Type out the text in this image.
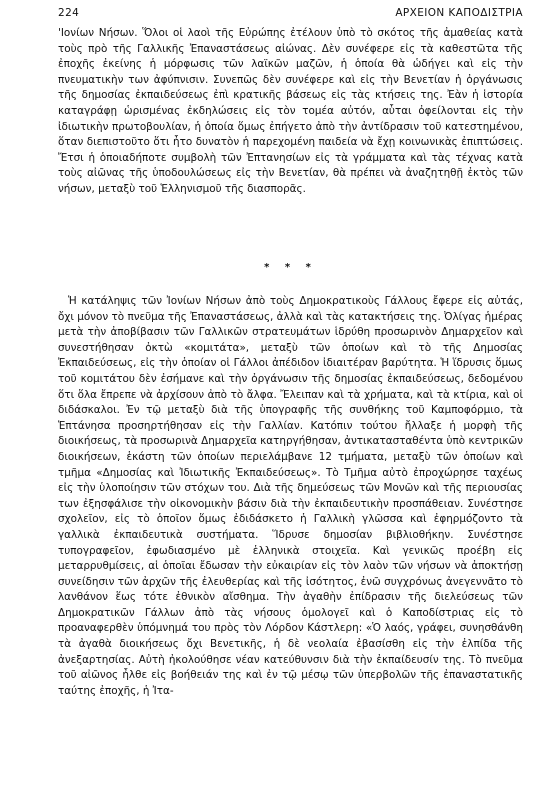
224	ΑΡΧΕΙΟΝ ΚΑΠΟΔΙΣΤΡΙΑ

'Ιονίων Νήσων. Ὅλοι οἱ λαοὶ τῆς Εὐρώπης ἐτέλουν ὑπὸ τὸ σκότος τῆς ἀμαθείας κατὰ τοὺς πρὸ τῆς Γαλλικῆς Ἐπαναστάσεως αἰώνας. Δὲν συνέφερε εἰς τὰ καθεστῶτα τῆς ἐποχῆς ἐκείνης ἡ μόρφωσις τῶν λαϊκῶν μαζῶν, ἡ ὁποία θὰ ὡδήγει καὶ εἰς τὴν πνευματικὴν των ἀφύπνισιν. Συνεπῶς δὲν συνέφερε καὶ εἰς τὴν Βενετίαν ἡ ὀργάνωσις τῆς δημοσίας ἐκπαιδεύσεως ἐπὶ κρατικῆς βάσεως εἰς τὰς κτήσεις της. Ἐὰν ἡ ἱστορία καταγράφῃ ὡρισμένας ἐκδηλώσεις εἰς τὸν τομέα αὐτόν, αὗται ὀφείλονται εἰς τὴν ἰδιωτικὴν πρωτοβουλίαν, ἡ ὁποία ὅμως ἐπήγετο ἀπὸ τὴν ἀντίδρασιν τοῦ κατεστημένου, ὅταν διεπιστοῦτο ὅτι ἦτο δυνατὸν ἡ παρεχομένη παιδεία νὰ ἔχῃ κοινωνικὰς ἐπιπτώσεις. Ἔτσι ἡ ὁποιαδήποτε συμβολὴ τῶν Ἐπτανησίων εἰς τὰ γράμματα καὶ τὰς τέχνας κατὰ τοὺς αἰῶνας τῆς ὑποδουλώσεως εἰς τὴν Βενετίαν, θὰ πρέπει νὰ ἀναζητηθῇ ἐκτὸς τῶν νήσων, μεταξὺ τοῦ Ἑλληνισμοῦ τῆς διασπορᾶς.

* * *

Ἡ κατάληψις τῶν Ἰονίων Νήσων ἀπὸ τοὺς Δημοκρατικοὺς Γάλλους ἔφερε εἰς αὐτάς, ὄχι μόνον τὸ πνεῦμα τῆς Ἐπαναστάσεως, ἀλλὰ καὶ τὰς κατακτήσεις της. Ὀλίγας ἡμέρας μετὰ τὴν ἀποβίβασιν τῶν Γαλλικῶν στρατευμάτων ἱδρύθη προσωρινὸν Δημαρχεῖον καὶ συνεστήθησαν ὀκτὼ «κομιτάτα», μεταξὺ τῶν ὁποίων καὶ τὸ τῆς Δημοσίας Ἐκπαιδεύσεως, εἰς τὴν ὁποίαν οἱ Γάλλοι ἀπέδιδον ἰδιαιτέραν βαρύτητα. Ἡ ἵδρυσις ὅμως τοῦ κομιτάτου δὲν ἐσήμανε καὶ τὴν ὀργάνωσιν τῆς δημοσίας ἐκπαιδεύσεως, δεδομένου ὅτι ὅλα ἔπρεπε νὰ ἀρχίσουν ἀπὸ τὸ ἄλφα. Ἔλειπαν καὶ τὰ χρήματα, καὶ τὰ κτίρια, καὶ οἱ διδάσκαλοι. Ἐν τῷ μεταξὺ διὰ τῆς ὑπογραφῆς τῆς συνθήκης τοῦ Καμποφόρμιο, τὰ Ἑπτάνησα προσηρτήθησαν εἰς τὴν Γαλλίαν. Κατόπιν τούτου ἤλλαξε ἡ μορφὴ τῆς διοικήσεως, τὰ προσωρινὰ Δημαρχεῖα κατηργήθησαν, ἀντικατασταθέντα ὑπὸ κεντρικῶν διοικήσεων, ἑκάστη τῶν ὁποίων περιελάμβανε 12 τμήματα, μεταξὺ τῶν ὁποίων καὶ τμῆμα «Δημοσίας καὶ Ἰδιωτικῆς Ἐκπαιδεύσεως». Τὸ Τμῆμα αὐτὸ ἐπροχώρησε ταχέως εἰς τὴν ὑλοποίησιν τῶν στόχων του. Διὰ τῆς δημεύσεως τῶν Μονῶν καὶ τῆς περιουσίας των ἐξησφάλισε τὴν οἰκονομικὴν βάσιν διὰ τὴν ἐκπαιδευτικὴν προσπάθειαν. Συνέστησε σχολεῖον, εἰς τὸ ὁποῖον ὅμως ἐδιδάσκετο ἡ Γαλλικὴ γλῶσσα καὶ ἐφηρμόζοντο τὰ γαλλικὰ ἐκπαιδευτικὰ συστήματα. Ἵδρυσε δημοσίαν βιβλιοθήκην. Συνέστησε τυπογραφεῖον, ἐφωδιασμένο μὲ ἑλληνικὰ στοιχεῖα. Καὶ γενικῶς προέβη εἰς μεταρρυθμίσεις, αἱ ὁποῖαι ἔδωσαν τὴν εὐκαιρίαν εἰς τὸν λαὸν τῶν νήσων νὰ ἀποκτήσῃ συνείδησιν τῶν ἀρχῶν τῆς ἐλευθερίας καὶ τῆς ἰσότητος, ἐνῶ συγχρόνως ἀνεγεννᾶτο τὸ λανθάνον ἕως τότε ἐθνικὸν αἴσθημα. Τὴν ἀγαθὴν ἐπίδρασιν τῆς διελεύσεως τῶν Δημοκρατικῶν Γάλλων ἀπὸ τὰς νήσους ὁμολογεῖ καὶ ὁ Καποδίστριας εἰς τὸ προαναφερθὲν ὑπόμνημά του πρὸς τὸν Λόρδον Κάστλερη: «Ὁ λαός, γράφει, συνησθάνθη τὰ ἀγαθὰ διοικήσεως ὄχι Βενετικῆς, ἡ δὲ νεολαία ἐβασίσθη εἰς τὴν ἐλπίδα τῆς ἀνεξαρτησίας. Αὐτὴ ἠκολούθησε νέαν κατεύθυνσιν διὰ τὴν ἐκπαίδευσίν της. Τὸ πνεῦμα τοῦ αἰῶνος ἦλθε εἰς βοήθειάν της καὶ ἐν τῷ μέσῳ τῶν ὑπερβολῶν τῆς ἐπαναστατικῆς ταύτης ἐποχῆς, ἡ Ἰτα-
